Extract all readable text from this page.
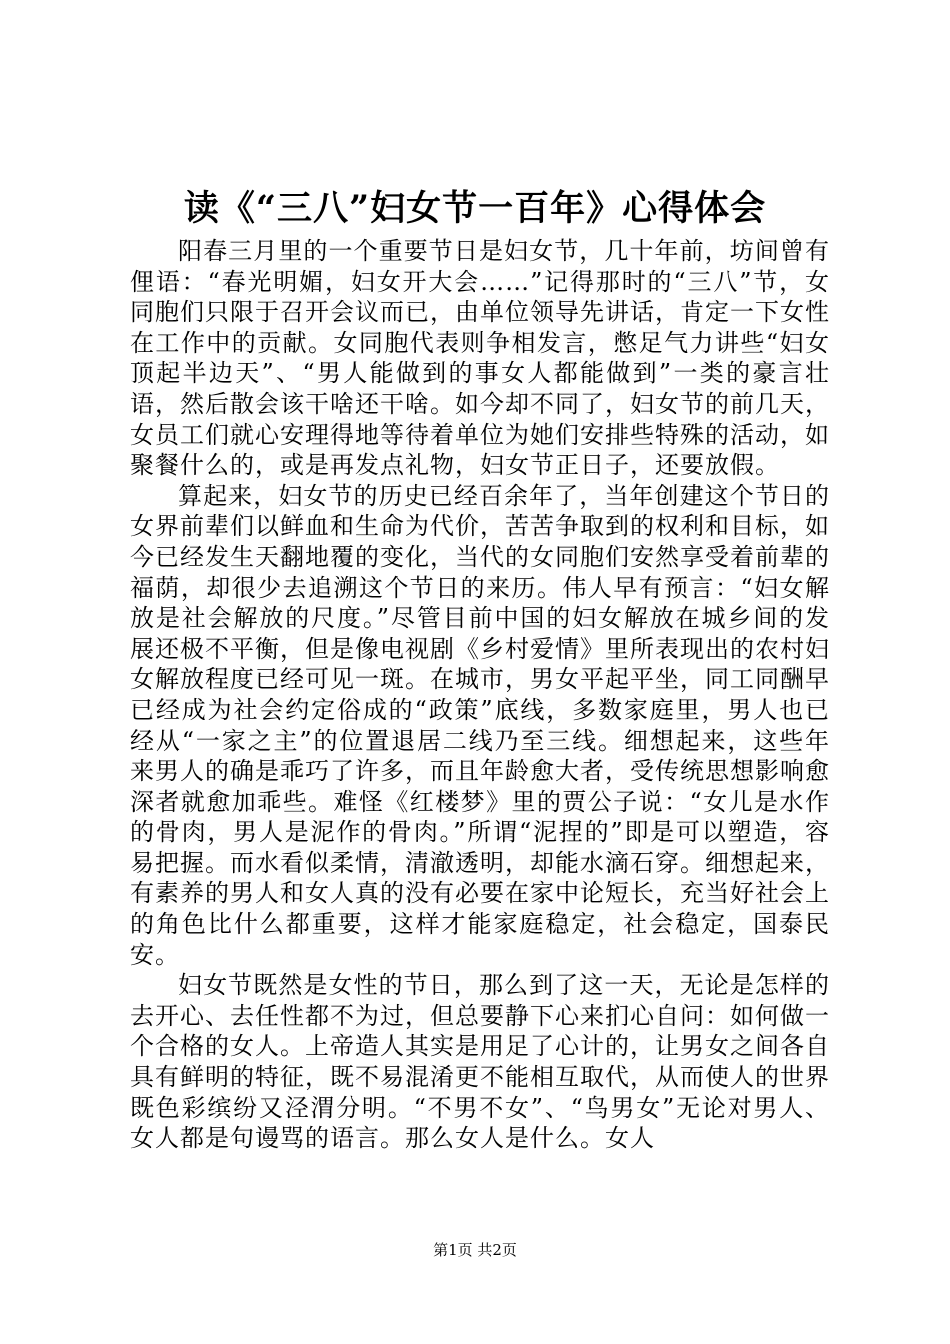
读《“三八”妇女节一百年》心得体会

阳春三月里的一个重要节日是妇女节，几十年前，坊间曾有俚语：“春光明媚，妇女开大会……”记得那时的“三八”节，女同胞们只限于召开会议而已，由单位领导先讲话，肯定一下女性在工作中的贡献。女同胞代表则争相发言，憋足气力讲些“妇女顶起半边天”、“男人能做到的事女人都能做到”一类的豪言壮语，然后散会该干啥还干啥。如今却不同了，妇女节的前几天，女员工们就心安理得地等待着单位为她们安排些特殊的活动，如聚餐什么的，或是再发点礼物，妇女节正日子，还要放假。

算起来，妇女节的历史已经百余年了，当年创建这个节日的女界前辈们以鲜血和生命为代价，苦苦争取到的权利和目标，如今已经发生天翻地覆的变化，当代的女同胞们安然享受着前辈的福荫，却很少去追溯这个节日的来历。伟人早有预言：“妇女解放是社会解放的尺度。”尽管目前中国的妇女解放在城乡间的发展还极不平衡，但是像电视剧《乡村爱情》里所表现出的农村妇女解放程度已经可见一斑。在城市，男女平起平坐，同工同酬早已经成为社会约定俗成的“政策”底线，多数家庭里，男人也已经从“一家之主”的位置退居二线乃至三线。细想起来，这些年来男人的确是乖巧了许多，而且年龄愈大者，受传统思想影响愈深者就愈加乖些。难怪《红楼梦》里的贾公子说：“女儿是水作的骨肉，男人是泥作的骨肉。”所谓“泥捏的”即是可以塑造，容易把握。而水看似柔情，清澈透明，却能水滴石穿。细想起来，有素养的男人和女人真的没有必要在家中论短长，充当好社会上的角色比什么都重要，这样才能家庭稳定，社会稳定，国泰民安。

妇女节既然是女性的节日，那么到了这一天，无论是怎样的去开心、去任性都不为过，但总要静下心来扪心自问：如何做一个合格的女人。上帝造人其实是用足了心计的，让男女之间各自具有鲜明的特征，既不易混淆更不能相互取代，从而使人的世界既色彩缤纷又泾渭分明。“不男不女”、“鸟男女”无论对男人、女人都是句谩骂的语言。那么女人是什么。女人

第1页 共2页
